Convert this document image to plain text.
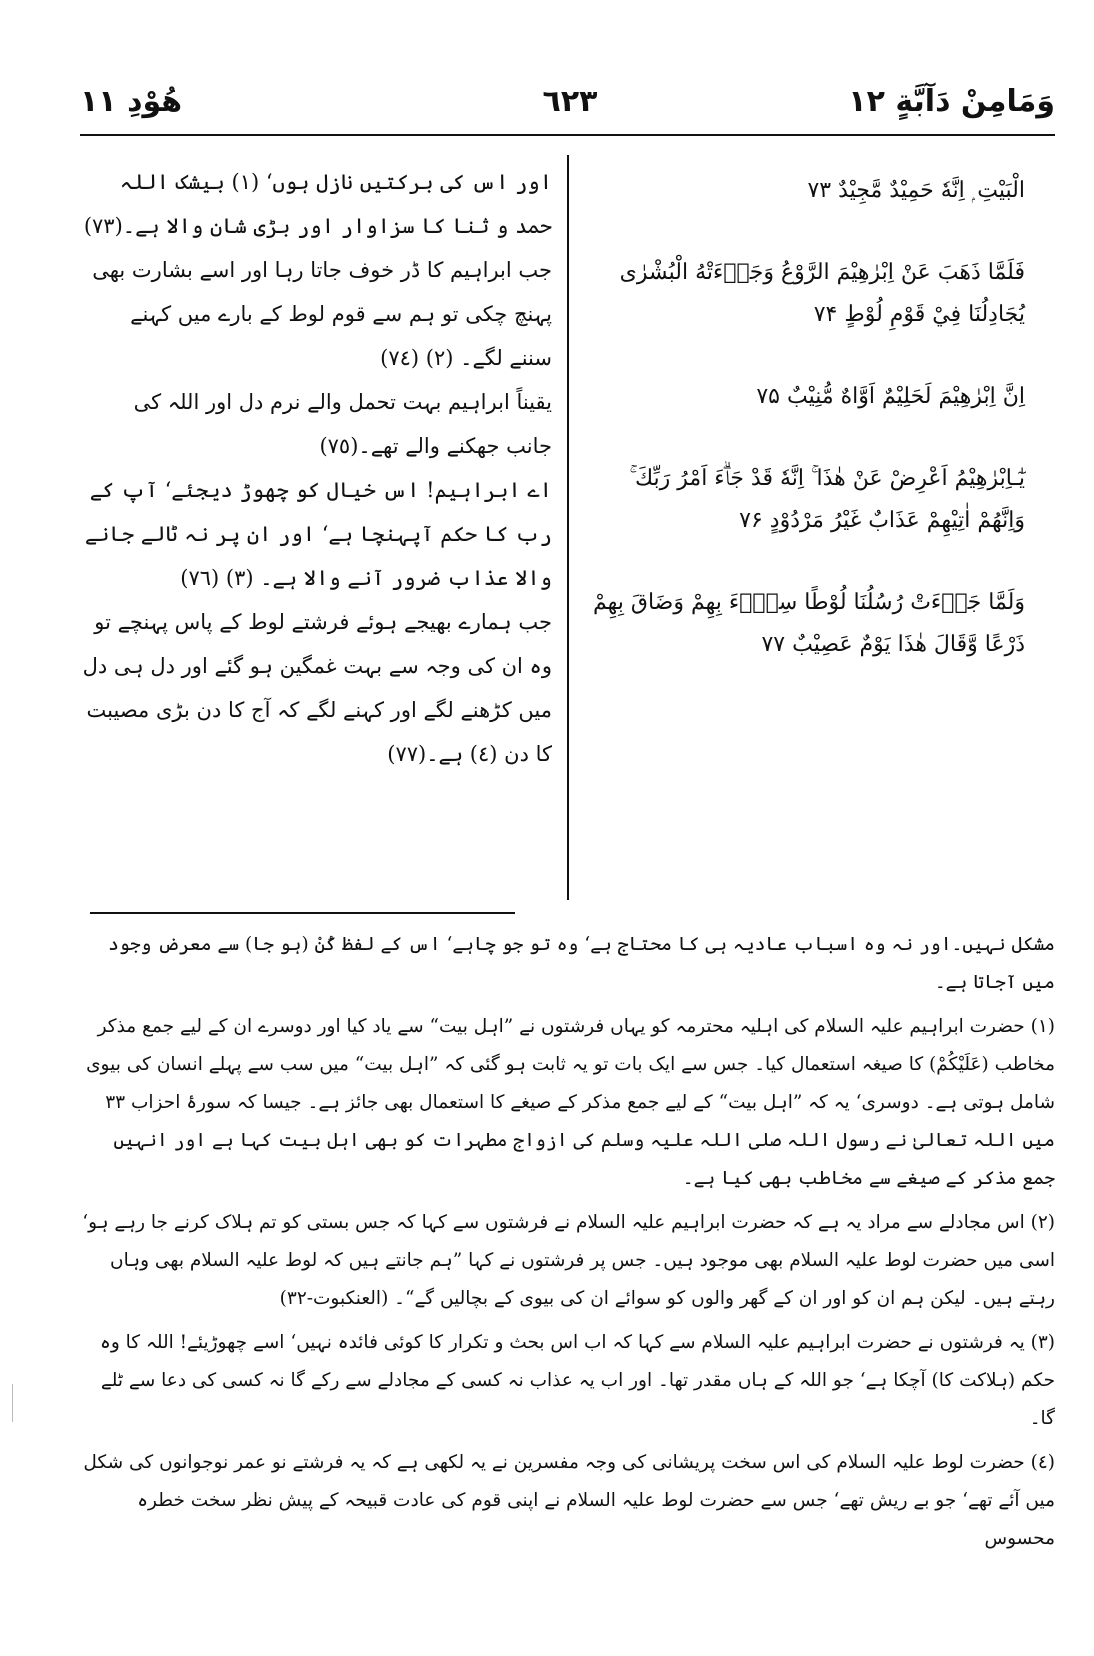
هُوْدِ ١١	٦٢٣	وَمَامِنْ دَآبَّةٍ ١٢

اور اس کی برکتیں نازل ہوں‘ (١) بیشک اللہ حمد و ثنا کا سزاوار اور بڑی شان والا ہے۔(٧٣)

جب ابراہیم کا ڈر خوف جاتا رہا اور اسے بشارت بھی پہنچ چکی تو ہم سے قوم لوط کے بارے میں کہنے سننے لگے۔ (٢) (٧٤)

یقیناً ابراہیم بہت تحمل والے نرم دل اور اللہ کی جانب جھکنے والے تھے۔(٧٥)

اے ابراہیم! اس خیال کو چھوڑ دیجئے‘ آپ کے رب کا حکم آپہنچا ہے‘ اور ان پر نہ ٹالے جانے والا عذاب ضرور آنے والا ہے۔ (٣) (٧٦)

جب ہمارے بھیجے ہوئے فرشتے لوط کے پاس پہنچے تو وہ ان کی وجہ سے بہت غمگین ہو گئے اور دل ہی دل میں کڑھنے لگے اور کہنے لگے کہ آج کا دن بڑی مصیبت کا دن (٤) ہے۔(٧٧)

الْبَيْتِ ۭ اِنَّهٗ حَمِيْدٌ مَّجِيْدٌ ۷۳

فَلَمَّا ذَهَبَ عَنْ اِبْرٰهِيْمَ الرَّوْعُ وَجَاۗءَتْهُ الْبُشْرٰى يُجَادِلُنَا فِيْ قَوْمِ لُوْطٍ ۷۴

اِنَّ اِبْرٰهِيْمَ لَحَلِيْمٌ اَوَّاهٌ مُّنِيْبٌ ۷۵

يٰٓـاِبْرٰهِيْمُ اَعْرِضْ عَنْ ھٰذَا ۚ اِنَّهٗ قَدْ جَاۗءَ اَمْرُ رَبِّكَ ۚ وَاِنَّهُمْ اٰتِيْهِمْ عَذَابٌ غَيْرُ مَرْدُوْدٍ ۷۶

وَلَمَّا جَاۗءَتْ رُسُلُنَا لُوْطًا سِيْۗءَ بِهِمْ وَضَاقَ بِهِمْ ذَرْعًا وَّقَالَ ھٰذَا يَوْمٌ عَصِيْبٌ ۷۷

مشکل نہیں۔اور نہ وہ اسباب عادیہ ہی کا محتاج ہے‘ وہ تو جو چاہے‘ اس کے لفظ کُنْ (ہو جا) سے معرض وجود میں آجاتا ہے۔

(١) حضرت ابراہیم علیہ السلام کی اہلیہ محترمہ کو یہاں فرشتوں نے ”اہل بیت“ سے یاد کیا اور دوسرے ان کے لیے جمع مذکر مخاطب (عَلَيْكُمْ) کا صیغہ استعمال کیا۔ جس سے ایک بات تو یہ ثابت ہو گئی کہ ”اہل بیت“ میں سب سے پہلے انسان کی بیوی شامل ہوتی ہے۔ دوسری‘ یہ کہ ”اہل بیت“ کے لیے جمع مذکر کے صیغے کا استعمال بھی جائز ہے۔ جیسا کہ سورۂ احزاب ٣٣ میں اللہ تعالیٰ نے رسول اللہ صلی اللہ علیہ وسلم کی ازواج مطہرات کو بھی اہل بیت کہا ہے اور انہیں جمع مذکر کے صیغے سے مخاطب بھی کیا ہے۔

(٢) اس مجادلے سے مراد یہ ہے کہ حضرت ابراہیم علیہ السلام نے فرشتوں سے کہا کہ جس بستی کو تم ہلاک کرنے جا رہے ہو‘ اسی میں حضرت لوط علیہ السلام بھی موجود ہیں۔ جس پر فرشتوں نے کہا ”ہم جانتے ہیں کہ لوط علیہ السلام بھی وہاں رہتے ہیں۔ لیکن ہم ان کو اور ان کے گھر والوں کو سوائے ان کی بیوی کے بچالیں گے“۔ (العنکبوت-٣٢)

(٣) یہ فرشتوں نے حضرت ابراہیم علیہ السلام سے کہا کہ اب اس بحث و تکرار کا کوئی فائدہ نہیں‘ اسے چھوڑیئے! اللہ کا وہ حکم (ہلاکت کا) آچکا ہے‘ جو اللہ کے ہاں مقدر تھا۔ اور اب یہ عذاب نہ کسی کے مجادلے سے رکے گا نہ کسی کی دعا سے ٹلے گا۔

(٤) حضرت لوط علیہ السلام کی اس سخت پریشانی کی وجہ مفسرین نے یہ لکھی ہے کہ یہ فرشتے نو عمر نوجوانوں کی شکل میں آئے تھے‘ جو بے ریش تھے‘ جس سے حضرت لوط علیہ السلام نے اپنی قوم کی عادت قبیحہ کے پیش نظر سخت خطرہ محسوس
